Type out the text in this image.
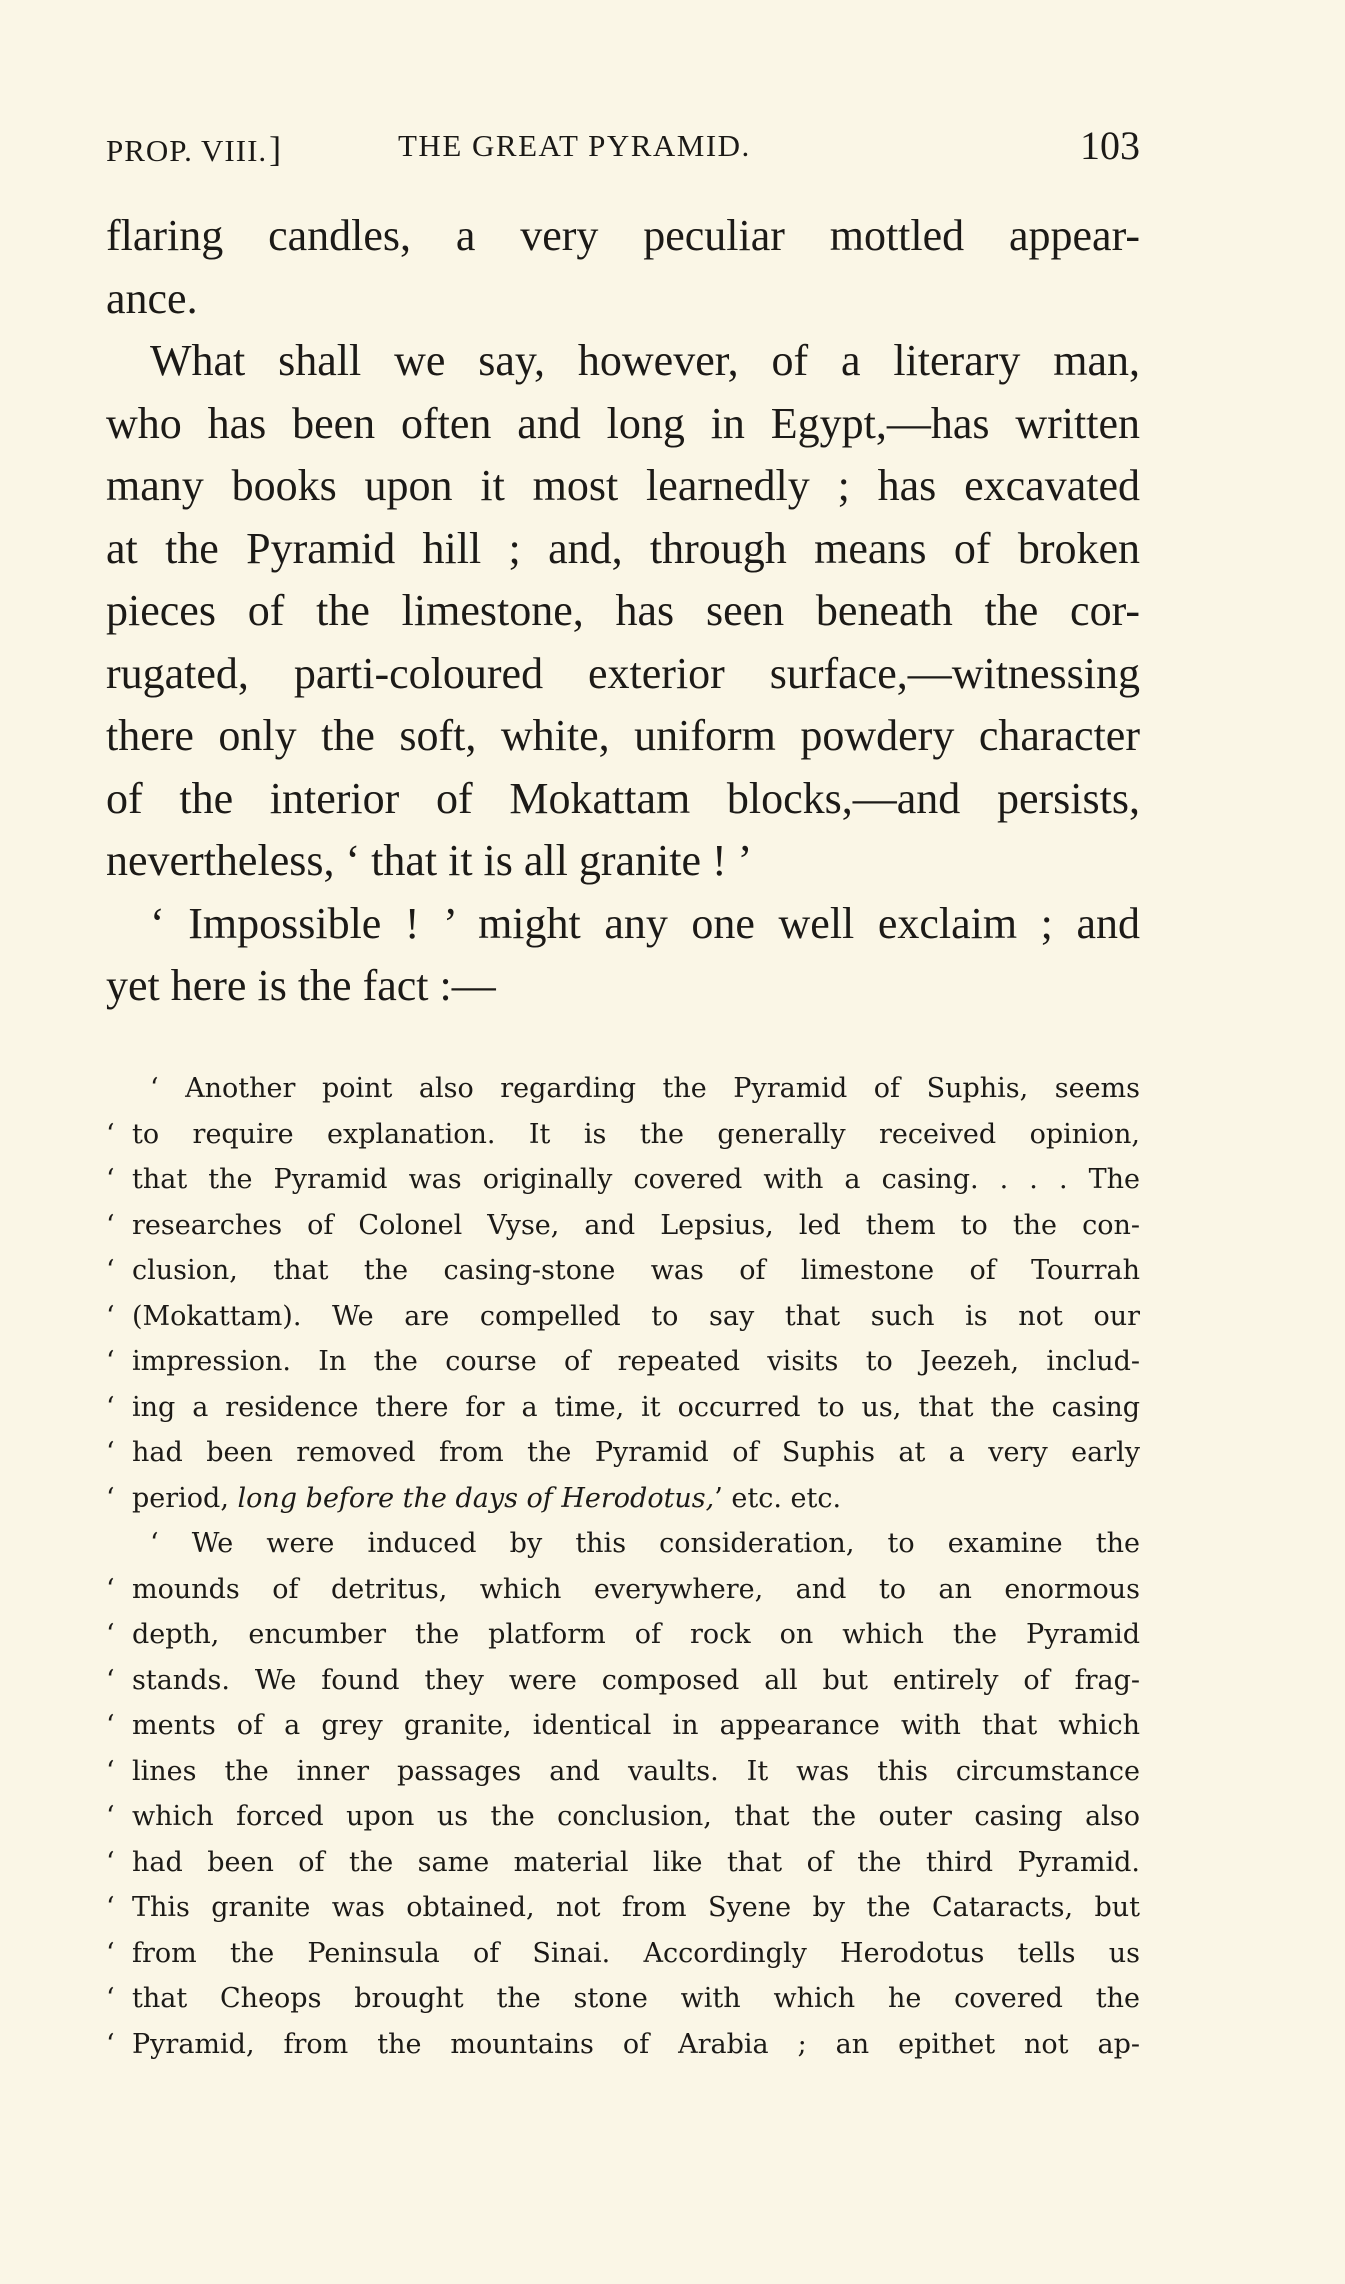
PROP. VIII.]	THE GREAT PYRAMID.	103
flaring candles, a very peculiar mottled appear-
ance.
What shall we say, however, of a literary man,
who has been often and long in Egypt,—has written
many books upon it most learnedly ; has excavated
at the Pyramid hill ; and, through means of broken
pieces of the limestone, has seen beneath the cor-
rugated, parti-coloured exterior surface,—witnessing
there only the soft, white, uniform powdery character
of the interior of Mokattam blocks,—and persists,
nevertheless, ‘ that it is all granite ! ’
‘ Impossible ! ’ might any one well exclaim ; and
yet here is the fact :—
‘ Another point also regarding the Pyramid of Suphis, seems
‘ to require explanation. It is the generally received opinion,
‘ that the Pyramid was originally covered with a casing. . . . The
‘ researches of Colonel Vyse, and Lepsius, led them to the con-
‘ clusion, that the casing-stone was of limestone of Tourrah
‘ (Mokattam). We are compelled to say that such is not our
‘ impression. In the course of repeated visits to Jeezeh, includ-
‘ ing a residence there for a time, it occurred to us, that the casing
‘ had been removed from the Pyramid of Suphis at a very early
‘ period, long before the days of Herodotus,’ etc. etc.
‘ We were induced by this consideration, to examine the
‘ mounds of detritus, which everywhere, and to an enormous
‘ depth, encumber the platform of rock on which the Pyramid
‘ stands. We found they were composed all but entirely of frag-
‘ ments of a grey granite, identical in appearance with that which
‘ lines the inner passages and vaults. It was this circumstance
‘ which forced upon us the conclusion, that the outer casing also
‘ had been of the same material like that of the third Pyramid.
‘ This granite was obtained, not from Syene by the Cataracts, but
‘ from the Peninsula of Sinai. Accordingly Herodotus tells us
‘ that Cheops brought the stone with which he covered the
‘ Pyramid, from the mountains of Arabia ; an epithet not ap-
